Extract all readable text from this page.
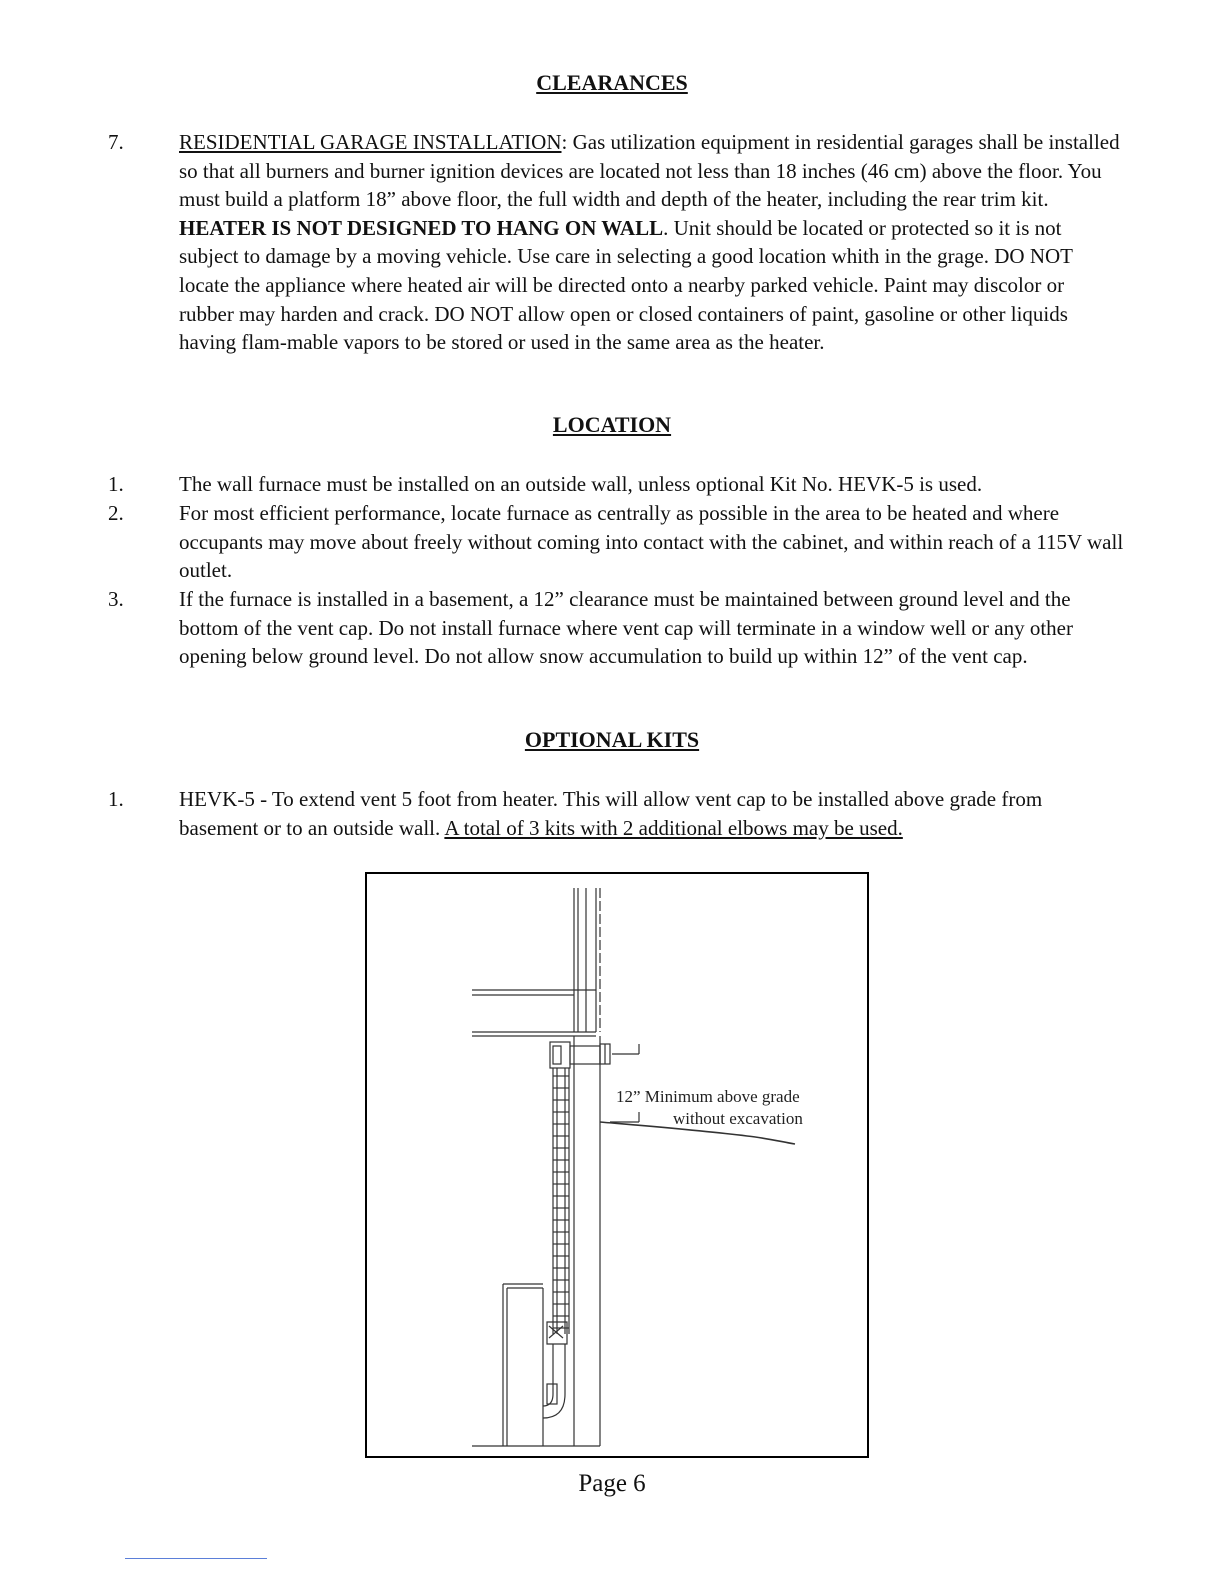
CLEARANCES
7.	RESIDENTIAL GARAGE INSTALLATION: Gas utilization equipment in residential garages shall be installed so that all burners and burner ignition devices are located not less than 18 inches (46 cm) above the floor. You must build a platform 18” above floor, the full width and depth of the heater, including the rear trim kit. HEATER IS NOT DESIGNED TO HANG ON WALL. Unit should be located or protected so it is not subject to damage by a moving vehicle. Use care in selecting a good location whith in the grage. DO NOT locate the appliance where heated air will be directed onto a nearby parked vehicle. Paint may discolor or rubber may harden and crack. DO NOT allow open or closed containers of paint, gasoline or other liquids having flam-mable vapors to be stored or used in the same area as the heater.
LOCATION
1.	The wall furnace must be installed on an outside wall, unless optional Kit No. HEVK-5 is used.
2.	For most efficient performance, locate furnace as centrally as possible in the area to be heated and where occupants may move about freely without coming into contact with the cabinet, and within reach of a 115V wall outlet.
3.	If the furnace is installed in a basement, a 12” clearance must be maintained between ground level and the bottom of the vent cap. Do not install furnace where vent cap will terminate in a window well or any other opening below ground level. Do not allow snow accumulation to build up within 12” of the vent cap.
OPTIONAL KITS
1.	HEVK-5 - To extend vent 5 foot from heater. This will allow vent cap to be installed above grade from basement or to an outside wall. A total of 3 kits with 2 additional elbows may be used.
12” Minimum above grade
without excavation
Page 6
